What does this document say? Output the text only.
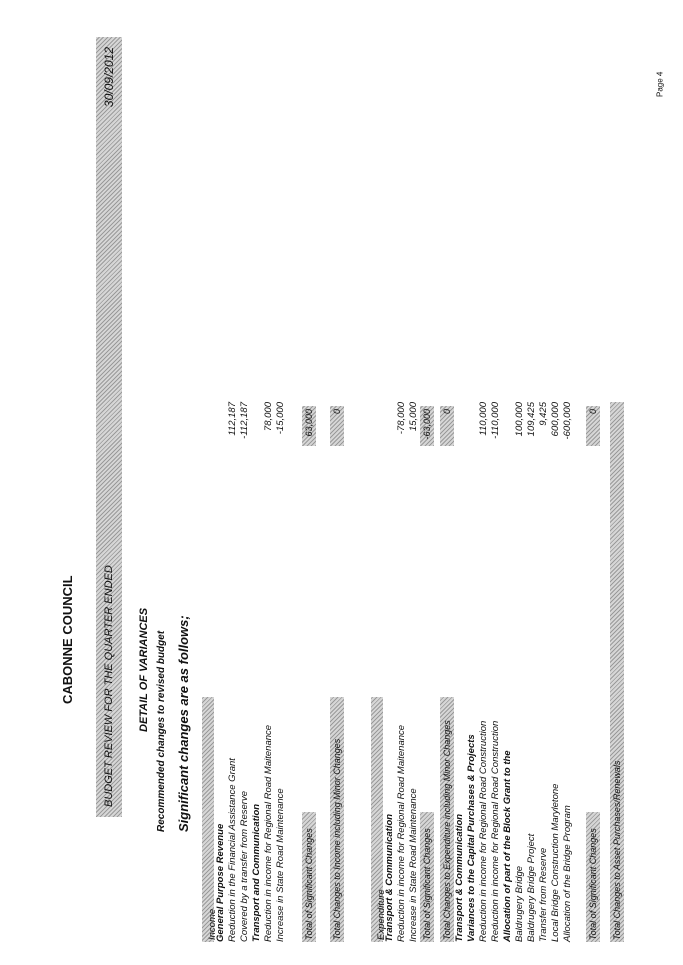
Page 4
CABONNE COUNCIL	BUDGET REVIEW FOR THE QUARTER ENDED
30/09/2012
DETAIL OF VARIANCES Recommended changes to revised budget Significant changes are as follows;
Income
General Purpose Revenue Reduction in the Financial Assistance Grant
112,187
Covered by a transfer from Reserve
-112,187
Transport and Communication Reduction in income for Regional Road Maitenance
78,000
Increase in State Road Maintenance
-15,000
Total of Significant Changes
63,000
Total Changes to Income including Minor Changes
0
Expenditure
Transport & Communication Reduction in income for Regional Road Maitenance
-78,000
Increase in State Road Maintenance
15,000
Total of Significant Changes
-63,000
Total Changes to Expenditure including Minor Changes
0
Transport & Communication Variances to the Capital Purchases & Projects Reduction in income for Regional Road Construction
110,000
Reduction in income for Regional Road Construction
-110,000
Allocation of part of the Block Grant to the Baldrugery Bridge
100,000
Baldrugery Bridge Project
109,425
Transfer from Reserve
9,425
Local Bridge Construction Maryletone
600,000
Allocation of the Bridge Program
-600,000
Total of Significant Changes
0
Total Changes to Asset Purchases/Renewals
